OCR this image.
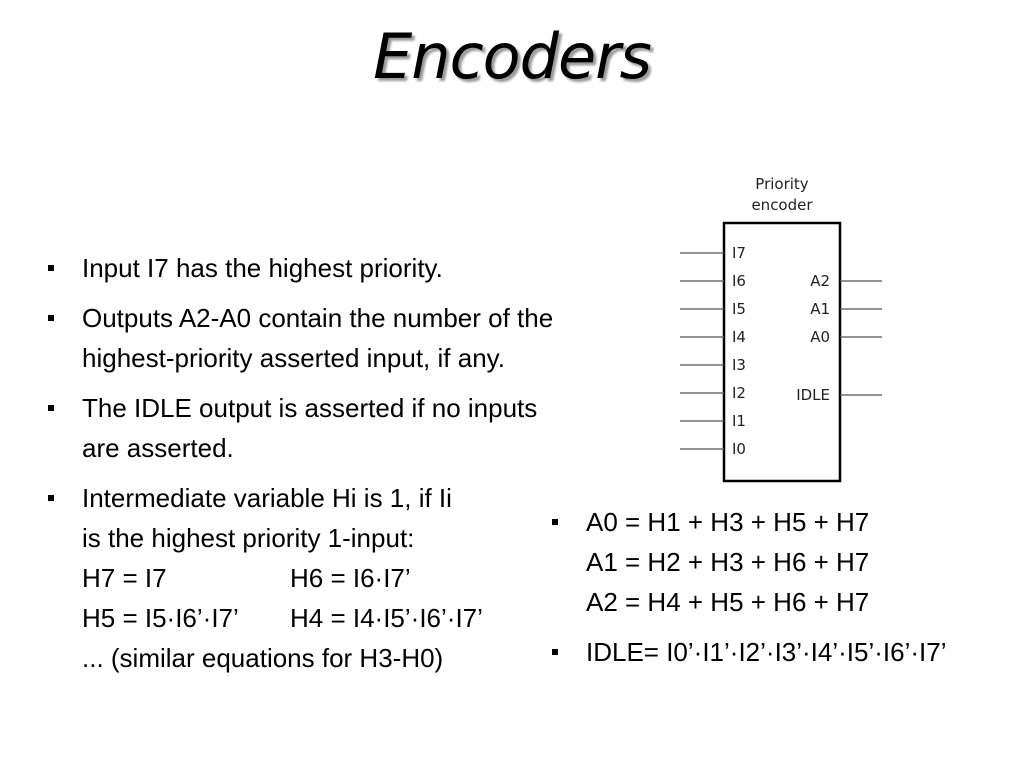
Encoders
Input I7 has the highest priority.
Outputs A2-A0 contain the number of the
highest-priority asserted input, if any.
The IDLE output is asserted if no inputs
are asserted.
Intermediate variable Hi is 1, if Ii
is the highest priority 1-input:
H7 = I7	H6 = I6·I7’
H5 = I5·I6’·I7’	H4 = I4·I5’·I6’·I7’
... (similar equations for H3-H0)
A0 = H1 + H3 + H5 + H7
A1 = H2 + H3 + H6 + H7
A2 = H4 + H5 + H6 + H7
IDLE= I0’·I1’·I2’·I3’·I4’·I5’·I6’·I7’
Priority
encoder
I7
I6
I5
I4
I3
I2
I1
I0
A2
A1
A0
IDLE
